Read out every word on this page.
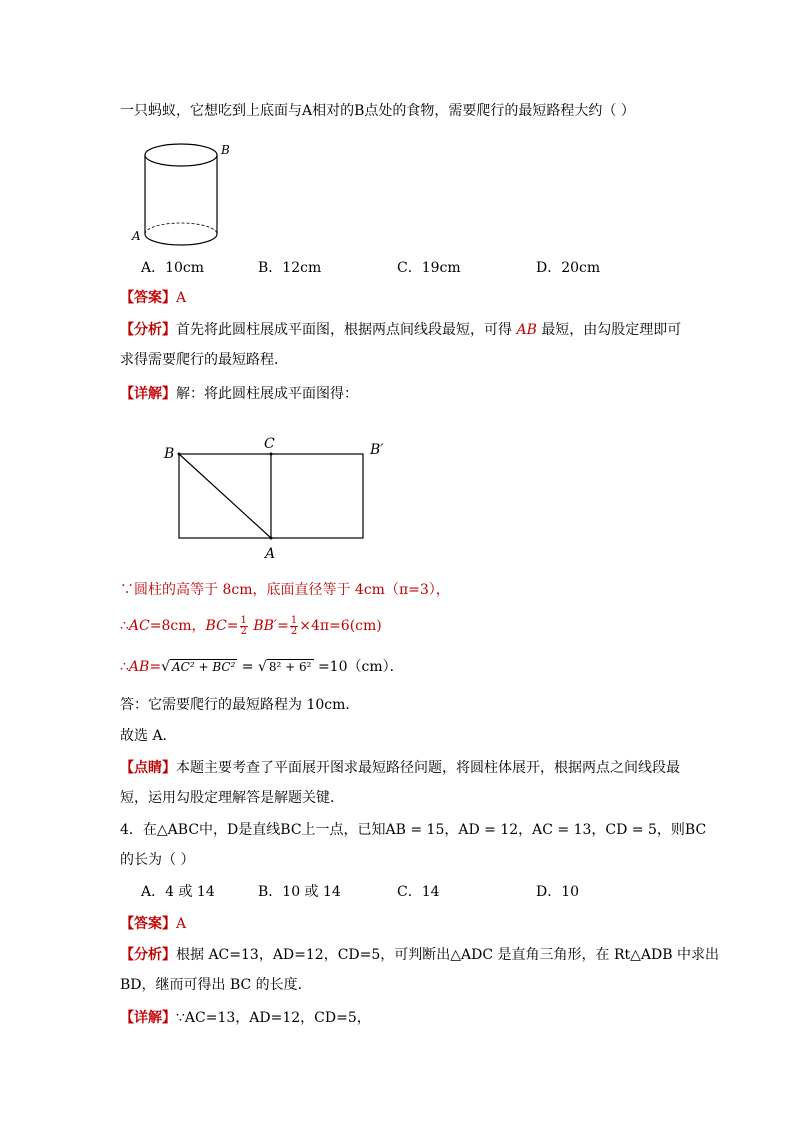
一只蚂蚁，它想吃到上底面与A相对的B点处的食物，需要爬行的最短路程大约（ ）
B
A
A．10cm	B．12cm	C．19cm	D．20cm
【答案】A
【分析】首先将此圆柱展成平面图，根据两点间线段最短，可得 AB 最短，由勾股定理即可
求得需要爬行的最短路程．
【详解】解：将此圆柱展成平面图得：
B
C	B′
A
∵圆柱的高等于 8cm，底面直径等于 4cm（π=3），
∴AC=8cm，$BC= \frac{1}{2} BB'= \frac{1}{2} \times 4\pi=6(cm)$
∴AB=√ AC² + BC² = √ 8² + 6² =10（cm）．
答：它需要爬行的最短路程为 10cm．
故选 A．
【点睛】本题主要考查了平面展开图求最短路径问题，将圆柱体展开，根据两点之间线段最
短，运用勾股定理解答是解题关键．
4．在△ABC中，D是直线BC上一点，已知AB = 15，AD = 12，AC = 13，CD = 5，则BC
的长为（ ）
A．4 或 14	B．10 或 14	C．14	D．10
【答案】A
【分析】根据 AC=13，AD=12，CD=5，可判断出△ADC 是直角三角形，在 Rt△ADB 中求出
BD，继而可得出 BC 的长度．
【详解】∵AC=13，AD=12，CD=5，
